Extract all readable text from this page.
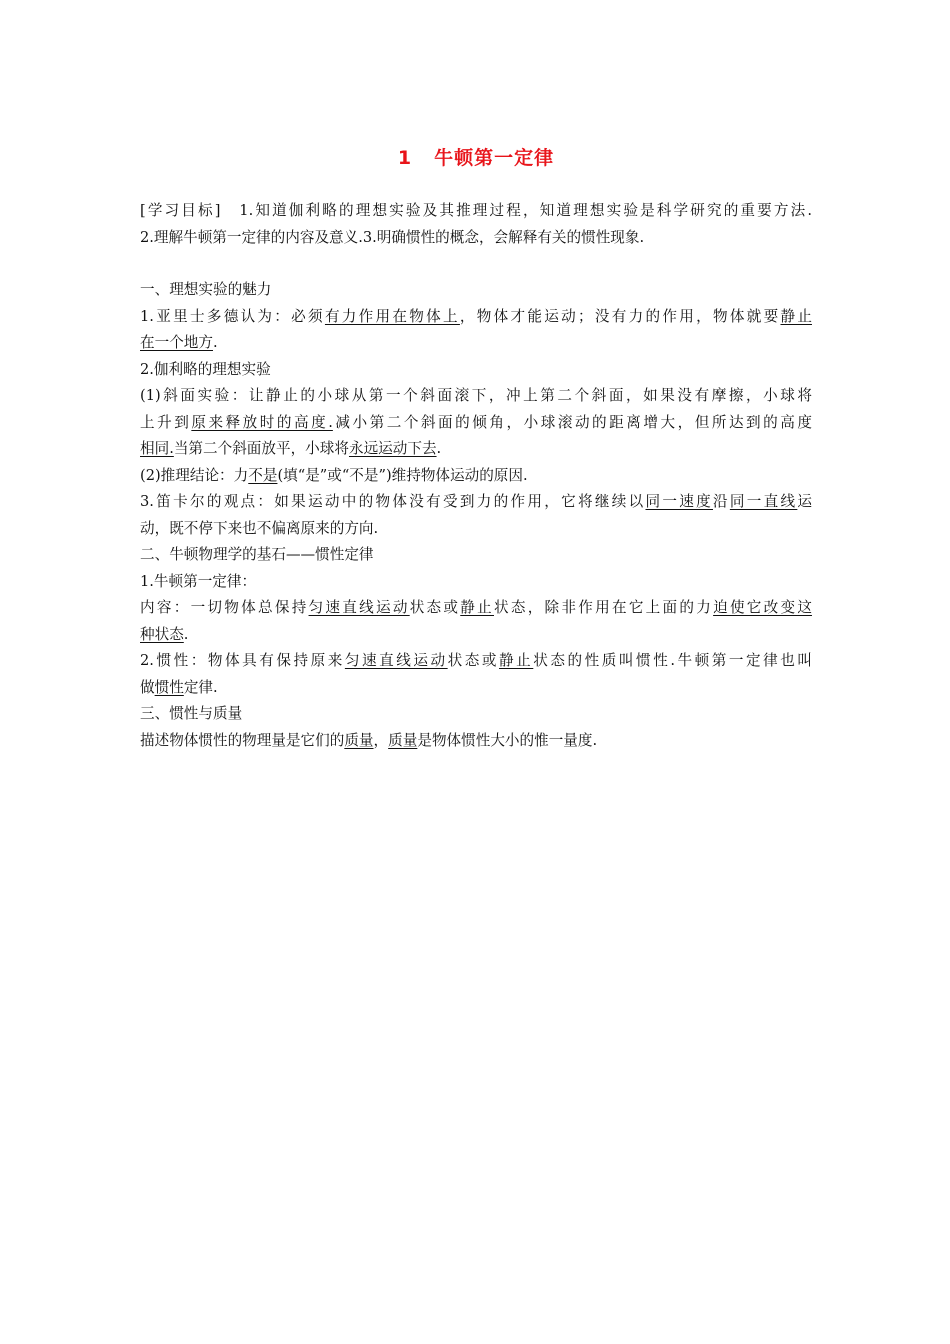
1 牛顿第一定律
[学习目标]　1.知道伽利略的理想实验及其推理过程，知道理想实验是科学研究的重要方法.
2.理解牛顿第一定律的内容及意义.3.明确惯性的概念，会解释有关的惯性现象.
一、理想实验的魅力
1.亚里士多德认为：必须有力作用在物体上，物体才能运动；没有力的作用，物体就要静止
在一个地方.
2.伽利略的理想实验
(1)斜面实验：让静止的小球从第一个斜面滚下，冲上第二个斜面，如果没有摩擦，小球将
上升到原来释放时的高度.减小第二个斜面的倾角，小球滚动的距离增大，但所达到的高度
相同.当第二个斜面放平，小球将永远运动下去.
(2)推理结论：力不是(填“是”或“不是”)维持物体运动的原因.
3.笛卡尔的观点：如果运动中的物体没有受到力的作用，它将继续以同一速度沿同一直线运
动，既不停下来也不偏离原来的方向.
二、牛顿物理学的基石——惯性定律
1.牛顿第一定律：
内容：一切物体总保持匀速直线运动状态或静止状态，除非作用在它上面的力迫使它改变这
种状态.
2.惯性：物体具有保持原来匀速直线运动状态或静止状态的性质叫惯性.牛顿第一定律也叫
做惯性定律.
三、惯性与质量
描述物体惯性的物理量是它们的质量，质量是物体惯性大小的惟一量度.
